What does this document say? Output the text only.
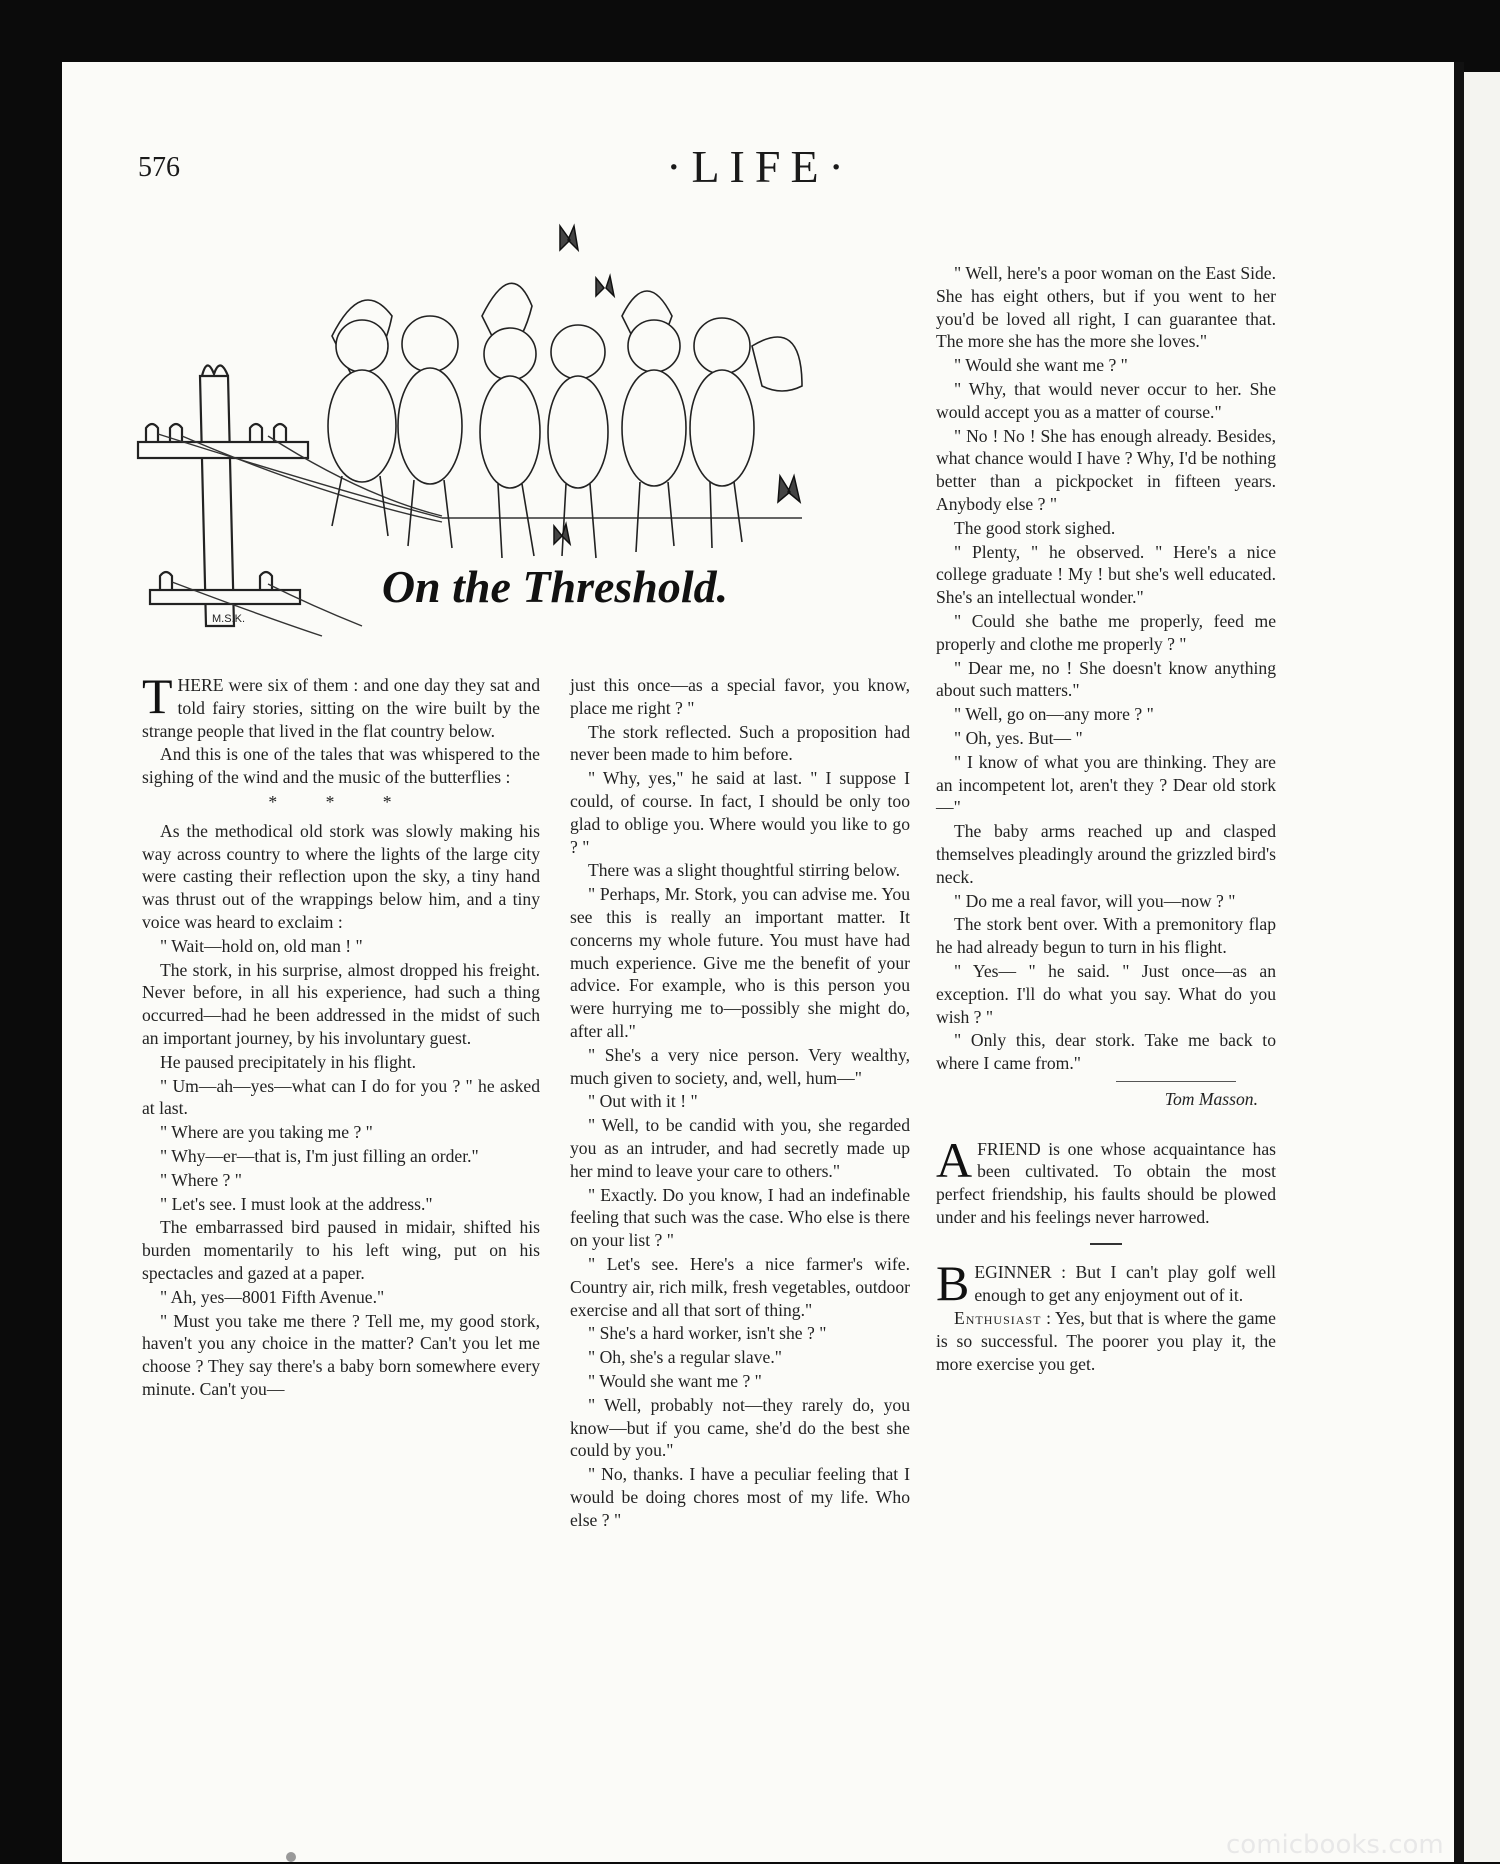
576	·LIFE·
M.S.K.
On the Threshold.

THERE were six of them : and one day they sat and told fairy stories, sitting on the wire built by the strange people that lived in the flat country below.

And this is one of the tales that was whispered to the sighing of the wind and the music of the butterflies :

* * *

As the methodical old stork was slowly making his way across country to where the lights of the large city were casting their reflection upon the sky, a tiny hand was thrust out of the wrappings below him, and a tiny voice was heard to exclaim :

" Wait—hold on, old man ! "

The stork, in his surprise, almost dropped his freight. Never before, in all his experience, had such a thing occurred—had he been addressed in the midst of such an important journey, by his involuntary guest.

He paused precipitately in his flight.

" Um—ah—yes—what can I do for you ? " he asked at last.

" Where are you taking me ? "

" Why—er—that is, I'm just filling an order."

" Where ? "

" Let's see. I must look at the address."

The embarrassed bird paused in midair, shifted his burden momentarily to his left wing, put on his spectacles and gazed at a paper.

" Ah, yes—8001 Fifth Avenue."

" Must you take me there ? Tell me, my good stork, haven't you any choice in the matter? Can't you let me choose ? They say there's a baby born somewhere every minute. Can't you—

just this once—as a special favor, you know, place me right ? "

The stork reflected. Such a proposition had never been made to him before.

" Why, yes," he said at last. " I suppose I could, of course. In fact, I should be only too glad to oblige you. Where would you like to go ? "

There was a slight thoughtful stirring below.

" Perhaps, Mr. Stork, you can advise me. You see this is really an important matter. It concerns my whole future. You must have had much experience. Give me the benefit of your advice. For example, who is this person you were hurrying me to—possibly she might do, after all."

" She's a very nice person. Very wealthy, much given to society, and, well, hum—"

" Out with it ! "

" Well, to be candid with you, she regarded you as an intruder, and had secretly made up her mind to leave your care to others."

" Exactly. Do you know, I had an indefinable feeling that such was the case. Who else is there on your list ? "

" Let's see. Here's a nice farmer's wife. Country air, rich milk, fresh vegetables, outdoor exercise and all that sort of thing."

" She's a hard worker, isn't she ? "

" Oh, she's a regular slave."

" Would she want me ? "

" Well, probably not—they rarely do, you know—but if you came, she'd do the best she could by you."

" No, thanks. I have a peculiar feeling that I would be doing chores most of my life. Who else ? "

" Well, here's a poor woman on the East Side. She has eight others, but if you went to her you'd be loved all right, I can guarantee that. The more she has the more she loves."

" Would she want me ? "

" Why, that would never occur to her. She would accept you as a matter of course."

" No ! No ! She has enough already. Besides, what chance would I have ? Why, I'd be nothing better than a pickpocket in fifteen years. Anybody else ? "

The good stork sighed.

" Plenty, " he observed. " Here's a nice college graduate ! My ! but she's well educated. She's an intellectual wonder."

" Could she bathe me properly, feed me properly and clothe me properly ? "

" Dear me, no ! She doesn't know anything about such matters."

" Well, go on—any more ? "

" Oh, yes. But— "

" I know of what you are thinking. They are an incompetent lot, aren't they ? Dear old stork—"

The baby arms reached up and clasped themselves pleadingly around the grizzled bird's neck.

" Do me a real favor, will you—now ? "

The stork bent over. With a premonitory flap he had already begun to turn in his flight.

" Yes— " he said. " Just once—as an exception. I'll do what you say. What do you wish ? "

" Only this, dear stork. Take me back to where I came from."

Tom Masson.

AFRIEND is one whose acquaintance has been cultivated. To obtain the most perfect friendship, his faults should be plowed under and his feelings never harrowed.

BEGINNER : But I can't play golf well enough to get any enjoyment out of it.

Enthusiast : Yes, but that is where the game is so successful. The poorer you play it, the more exercise you get.

comicbooks.com
